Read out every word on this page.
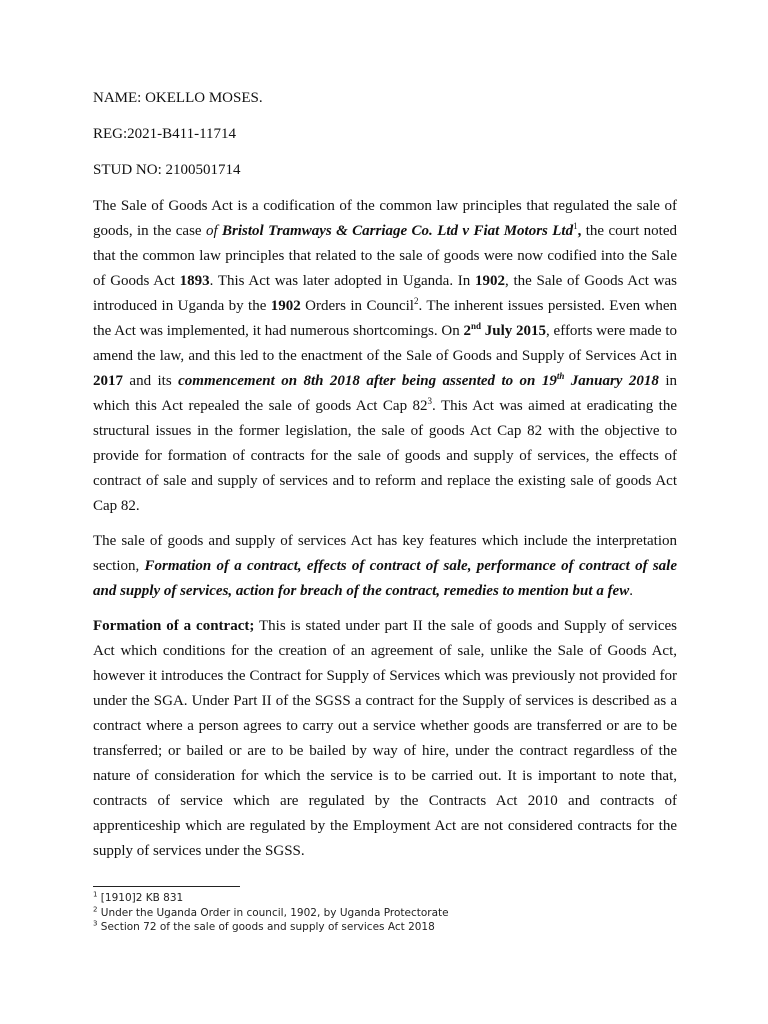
NAME: OKELLO MOSES.

REG:2021-B411-11714

STUD NO: 2100501714

The Sale of Goods Act is a codification of the common law principles that regulated the sale of goods, in the case of Bristol Tramways & Carriage Co. Ltd v Fiat Motors Ltd$^1$, the court noted that the common law principles that related to the sale of goods were now codified into the Sale of Goods Act 1893. This Act was later adopted in Uganda. In 1902, the Sale of Goods Act was introduced in Uganda by the 1902 Orders in Council$^2$. The inherent issues persisted. Even when the Act was implemented, it had numerous shortcomings. On 2nd July 2015, efforts were made to amend the law, and this led to the enactment of the Sale of Goods and Supply of Services Act in 2017 and its commencement on 8th 2018 after being assented to on 19th January 2018 in which this Act repealed the sale of goods Act Cap $82^3$. This Act was aimed at eradicating the structural issues in the former legislation, the sale of goods Act Cap 82 with the objective to provide for formation of contracts for the sale of goods and supply of services, the effects of contract of sale and supply of services and to reform and replace the existing sale of goods Act Cap 82.

The sale of goods and supply of services Act has key features which include the interpretation section, Formation of a contract, effects of contract of sale, performance of contract of sale and supply of services, action for breach of the contract, remedies to mention but a few.

Formation of a contract; This is stated under part II the sale of goods and Supply of services Act which conditions for the creation of an agreement of sale, unlike the Sale of Goods Act, however it introduces the Contract for Supply of Services which was previously not provided for under the SGA. Under Part II of the SGSS a contract for the Supply of services is described as a contract where a person agrees to carry out a service whether goods are transferred or are to be transferred; or bailed or are to be bailed by way of hire, under the contract regardless of the nature of consideration for which the service is to be carried out. It is important to note that, contracts of service which are regulated by the Contracts Act 2010 and contracts of apprenticeship which are regulated by the Employment Act are not considered contracts for the supply of services under the SGSS.

$^1$ [1910]2 KB 831
$^2$ Under the Uganda Order in council, 1902, by Uganda Protectorate
$^3$ Section 72 of the sale of goods and supply of services Act 2018
